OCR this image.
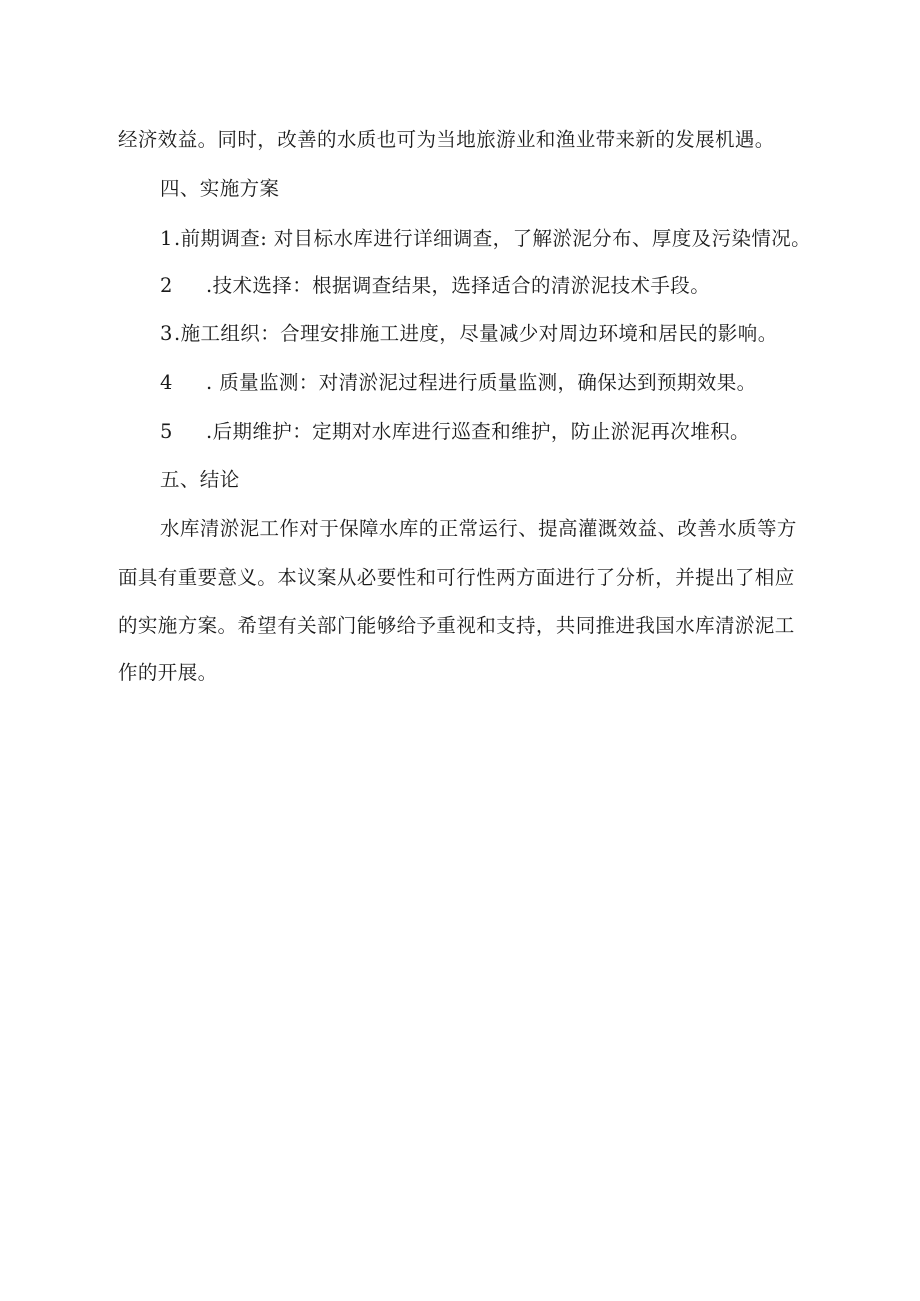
经济效益。同时，改善的水质也可为当地旅游业和渔业带来新的发展机遇。
四、实施方案
1.前期调查: 对目标水库进行详细调查，了解淤泥分布、厚度及污染情况。
2 .技术选择：根据调查结果，选择适合的清淤泥技术手段。
3.施工组织：合理安排施工进度，尽量减少对周边环境和居民的影响。
4 . 质量监测：对清淤泥过程进行质量监测，确保达到预期效果。
5 .后期维护：定期对水库进行巡查和维护，防止淤泥再次堆积。
五、结论
水库清淤泥工作对于保障水库的正常运行、提高灌溉效益、改善水质等方
面具有重要意义。本议案从必要性和可行性两方面进行了分析，并提出了相应
的实施方案。希望有关部门能够给予重视和支持，共同推进我国水库清淤泥工
作的开展。
